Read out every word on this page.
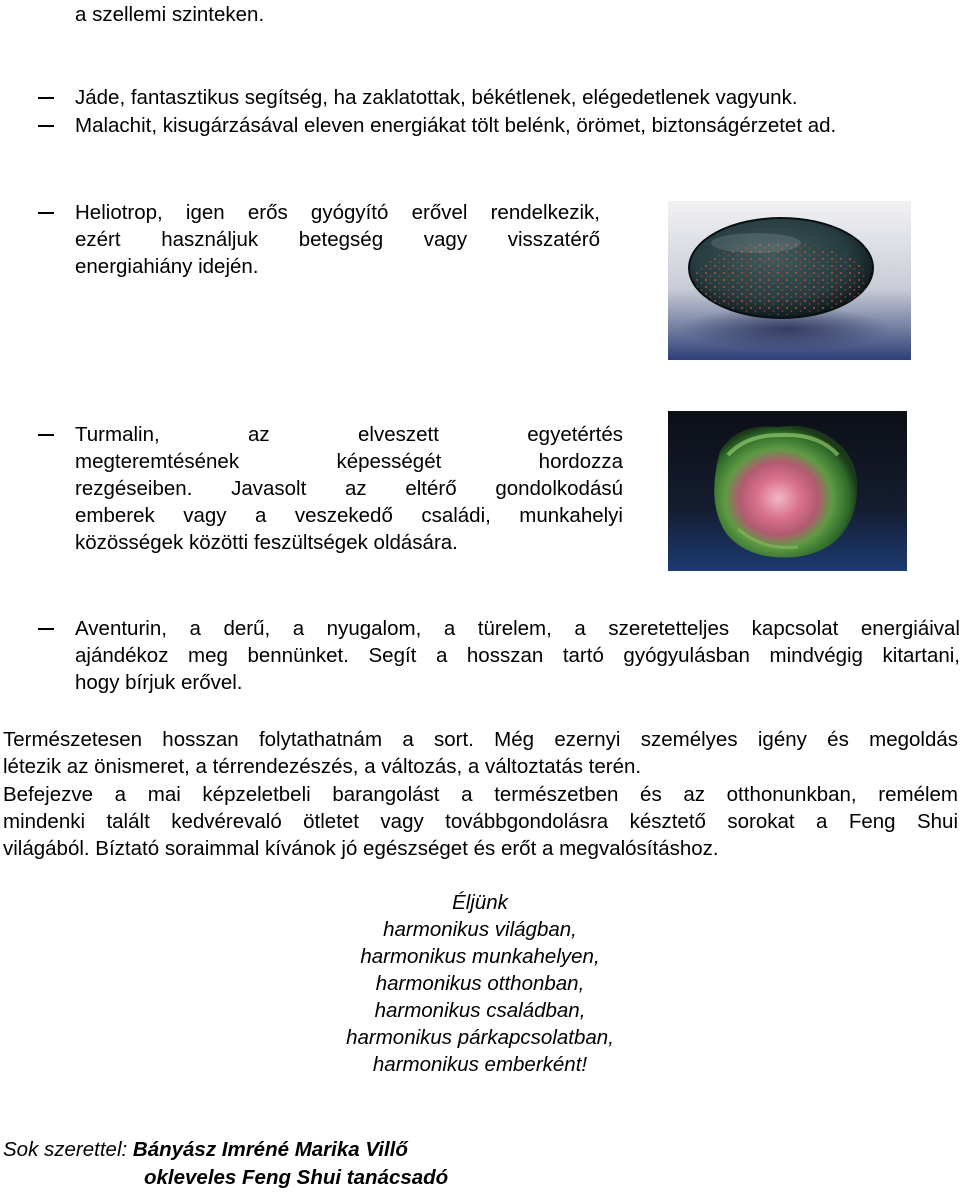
a szellemi szinteken.
Jáde, fantasztikus segítség, ha zaklatottak, békétlenek, elégedetlenek vagyunk.
Malachit, kisugárzásával eleven energiákat tölt belénk, örömet, biztonságérzetet ad.
Heliotrop, igen erős gyógyító erővel rendelkezik,
ezért használjuk betegség vagy visszatérő
energiahiány idején.
Turmalin, az elveszett egyetértés
megteremtésének képességét hordozza
rezgéseiben. Javasolt az eltérő gondolkodású
emberek vagy a veszekedő családi, munkahelyi
közösségek közötti feszültségek oldására.
Aventurin, a derű, a nyugalom, a türelem, a szeretetteljes kapcsolat energiáival
ajándékoz meg bennünket. Segít a hosszan tartó gyógyulásban mindvégig kitartani,
hogy bírjuk erővel.
Természetesen hosszan folytathatnám a sort. Még ezernyi személyes igény és megoldás
létezik az önismeret, a térrendezészés, a változás, a változtatás terén.
Befejezve a mai képzeletbeli barangolást a természetben és az otthonunkban, remélem
mindenki talált kedvérevaló ötletet vagy továbbgondolásra késztető sorokat a Feng Shui
világából. Bíztató soraimmal kívánok jó egészséget és erőt a megvalósításhoz.
Éljünk
harmonikus világban,
harmonikus munkahelyen,
harmonikus otthonban,
harmonikus családban,
harmonikus párkapcsolatban,
harmonikus emberként!
Sok szerettel: Bányász Imréné Marika Villő
okleveles Feng Shui tanácsadó
